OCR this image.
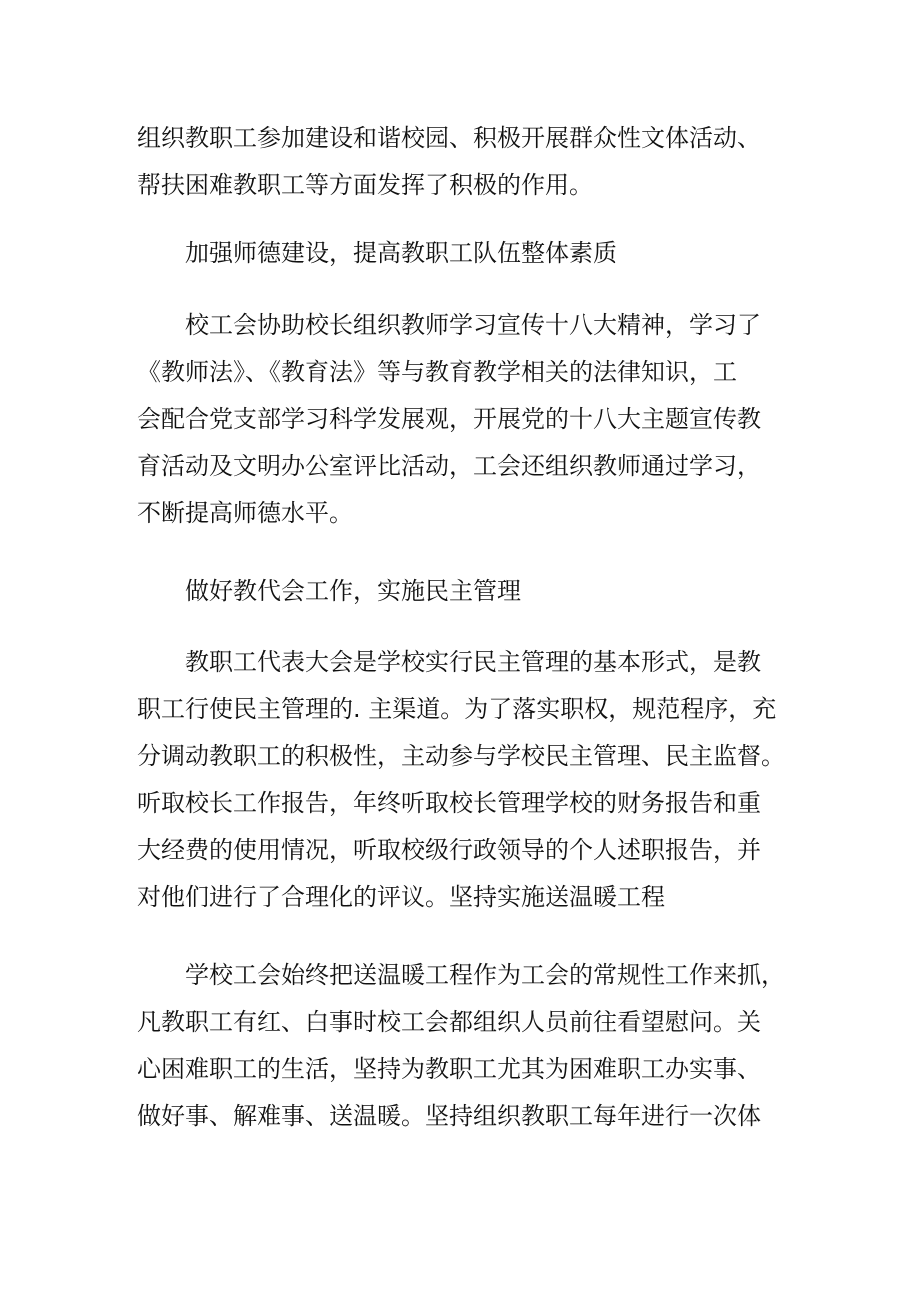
组织教职工参加建设和谐校园、积极开展群众性文体活动、
帮扶困难教职工等方面发挥了积极的作用。
加强师德建设，提高教职工队伍整体素质
校工会协助校长组织教师学习宣传十八大精神，学习了
《教师法》、《教育法》等与教育教学相关的法律知识，工
会配合党支部学习科学发展观，开展党的十八大主题宣传教
育活动及文明办公室评比活动，工会还组织教师通过学习，
不断提高师德水平。
做好教代会工作，实施民主管理
教职工代表大会是学校实行民主管理的基本形式，是教
职工行使民主管理的. 主渠道。为了落实职权，规范程序，充
分调动教职工的积极性，主动参与学校民主管理、民主监督。
听取校长工作报告，年终听取校长管理学校的财务报告和重
大经费的使用情况，听取校级行政领导的个人述职报告，并
对他们进行了合理化的评议。坚持实施送温暖工程
学校工会始终把送温暖工程作为工会的常规性工作来抓，
凡教职工有红、白事时校工会都组织人员前往看望慰问。关
心困难职工的生活，坚持为教职工尤其为困难职工办实事、
做好事、解难事、送温暖。坚持组织教职工每年进行一次体
